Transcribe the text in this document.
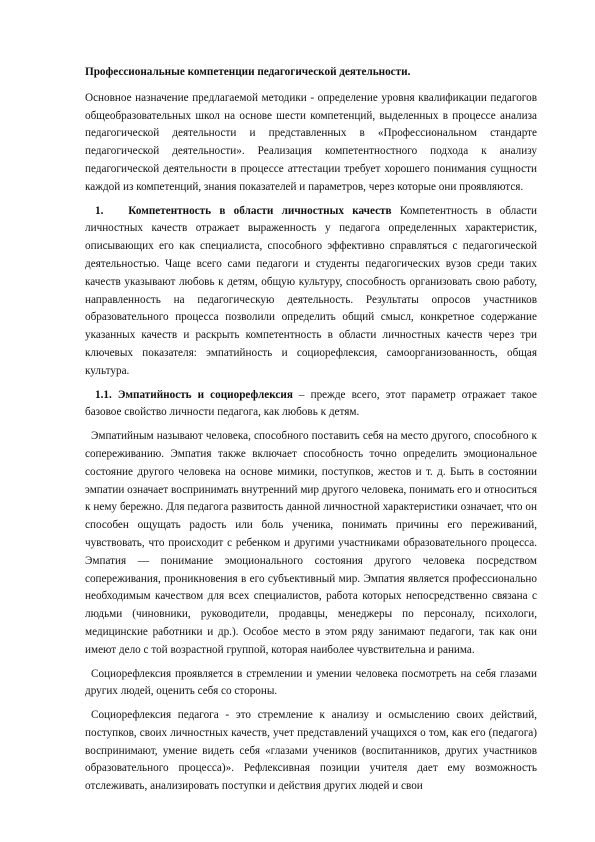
Профессиональные компетенции педагогической деятельности.

Основное назначение предлагаемой методики - определение уровня квалификации педагогов общеобразовательных школ на основе шести компетенций, выделенных в процессе анализа педагогической деятельности и представленных в «Профессиональном стандарте педагогической деятельности». Реализация компетентностного подхода к анализу педагогической деятельности в процессе аттестации требует хорошего понимания сущности каждой из компетенций, знания показателей и параметров, через которые они проявляются.

1. Компетентность в области личностных качеств Компетентность в области личностных качеств отражает выраженность у педагога определенных характеристик, описывающих его как специалиста, способного эффективно справляться с педагогической деятельностью. Чаще всего сами педагоги и студенты педагогических вузов среди таких качеств указывают любовь к детям, общую культуру, способность организовать свою работу, направленность на педагогическую деятельность. Результаты опросов участников образовательного процесса позволили определить общий смысл, конкретное содержание указанных качеств и раскрыть компетентность в области личностных качеств через три ключевых показателя: эмпатийность и социорефлексия, самоорганизованность, общая культура.

1.1. Эмпатийность и социорефлексия – прежде всего, этот параметр отражает такое базовое свойство личности педагога, как любовь к детям.

Эмпатийным называют человека, способного поставить себя на место другого, способного к сопереживанию. Эмпатия также включает способность точно определить эмоциональное состояние другого человека на основе мимики, поступков, жестов и т. д. Быть в состоянии эмпатии означает воспринимать внутренний мир другого человека, понимать его и относиться к нему бережно. Для педагога развитость данной личностной характеристики означает, что он способен ощущать радость или боль ученика, понимать причины его переживаний, чувствовать, что происходит с ребенком и другими участниками образовательного процесса. Эмпатия — понимание эмоционального состояния другого человека посредством сопереживания, проникновения в его субъективный мир. Эмпатия является профессионально необходимым качеством для всех специалистов, работа которых непосредственно связана с людьми (чиновники, руководители, продавцы, менеджеры по персоналу, психологи, медицинские работники и др.). Особое место в этом ряду занимают педагоги, так как они имеют дело с той возрастной группой, которая наиболее чувствительна и ранима.

Социорефлексия проявляется в стремлении и умении человека посмотреть на себя глазами других людей, оценить себя со стороны.

Социорефлексия педагога - это стремление к анализу и осмыслению своих действий, поступков, своих личностных качеств, учет представлений учащихся о том, как его (педагога) воспринимают, умение видеть себя «глазами учеников (воспитанников, других участников образовательного процесса)». Рефлексивная позиции учителя дает ему возможность отслеживать, анализировать поступки и действия других людей и свои
